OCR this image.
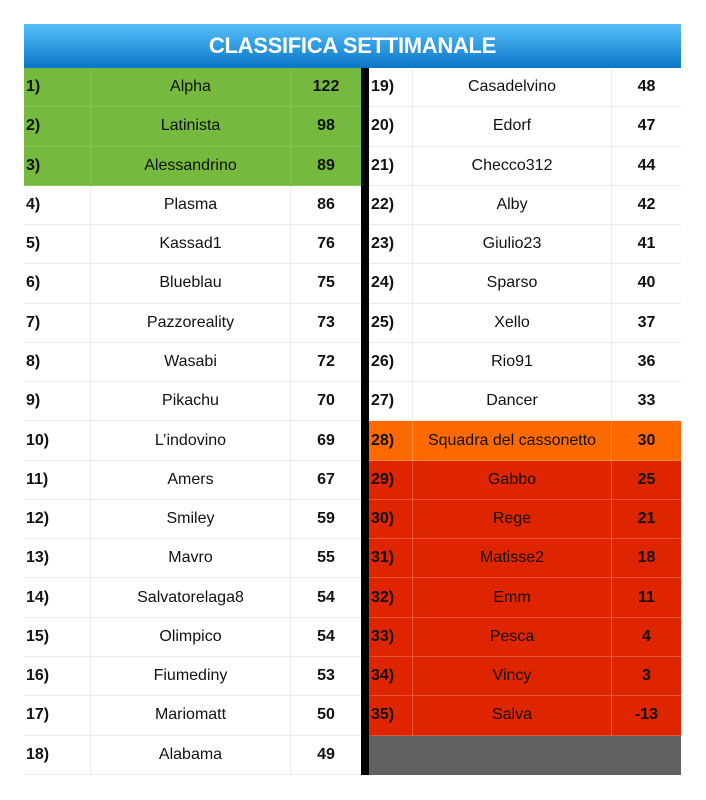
CLASSIFICA SETTIMANALE
1)	Alpha	122
2)	Latinista	98
3)	Alessandrino	89
4)	Plasma	86
5)	Kassad1	76
6)	Blueblau	75
7)	Pazzoreality	73
8)	Wasabi	72
9)	Pikachu	70
10)	L’indovino	69
11)	Amers	67
12)	Smiley	59
13)	Mavro	55
14)	Salvatorelaga8	54
15)	Olimpico	54
16)	Fiumediny	53
17)	Mariomatt	50
18)	Alabama	49
19)	Casadelvino	48
20)	Edorf	47
21)	Checco312	44
22)	Alby	42
23)	Giulio23	41
24)	Sparso	40
25)	Xello	37
26)	Rio91	36
27)	Dancer	33
28)	Squadra del cassonetto	30
29)	Gabbo	25
30)	Rege	21
31)	Matisse2	18
32)	Emm	11
33)	Pesca	4
34)	Vincy	3
35)	Salva	-13
